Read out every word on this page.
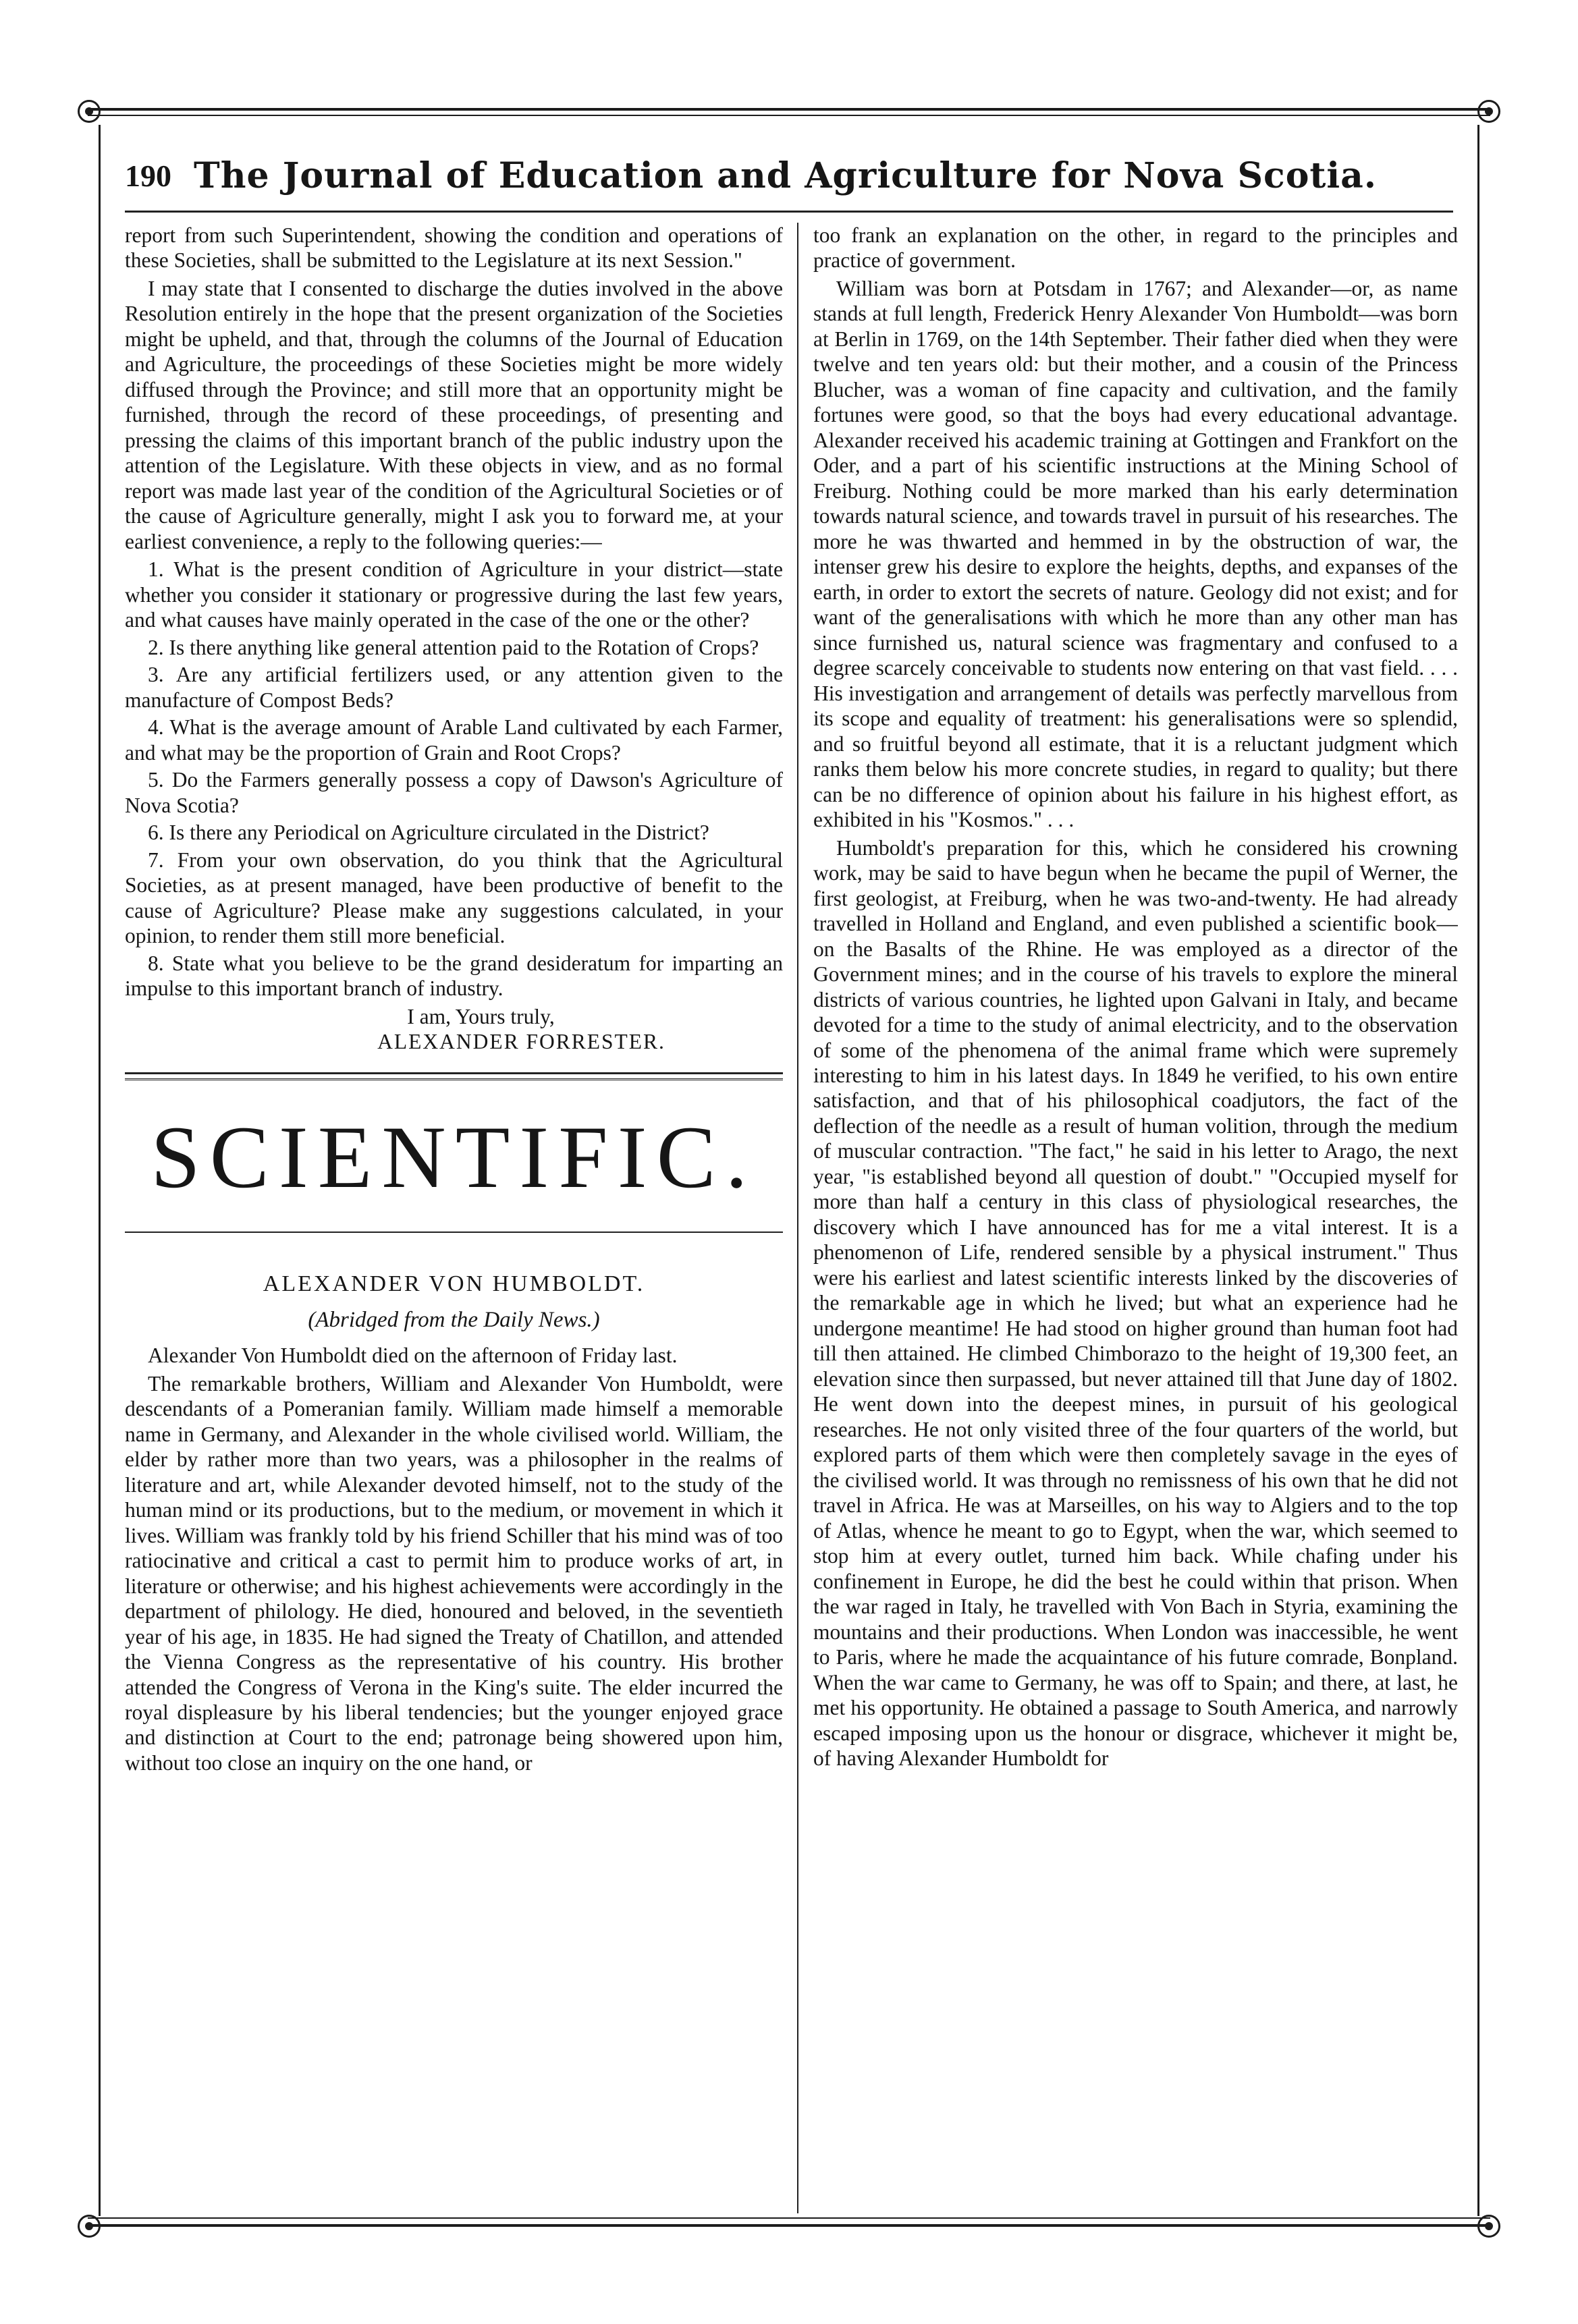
190 The Journal of Education and Agriculture for Nova Scotia.

report from such Superintendent, showing the condition and operations of these Societies, shall be submitted to the Legislature at its next Session."

I may state that I consented to discharge the duties involved in the above Resolution entirely in the hope that the present organization of the Societies might be upheld, and that, through the columns of the Journal of Education and Agriculture, the proceedings of these Societies might be more widely diffused through the Province; and still more that an opportunity might be furnished, through the record of these proceedings, of presenting and pressing the claims of this important branch of the public industry upon the attention of the Legislature. With these objects in view, and as no formal report was made last year of the condition of the Agricultural Societies or of the cause of Agriculture generally, might I ask you to forward me, at your earliest convenience, a reply to the following queries:—

1. What is the present condition of Agriculture in your district—state whether you consider it stationary or progressive during the last few years, and what causes have mainly operated in the case of the one or the other?

2. Is there anything like general attention paid to the Rotation of Crops?

3. Are any artificial fertilizers used, or any attention given to the manufacture of Compost Beds?

4. What is the average amount of Arable Land cultivated by each Farmer, and what may be the proportion of Grain and Root Crops?

5. Do the Farmers generally possess a copy of Dawson's Agriculture of Nova Scotia?

6. Is there any Periodical on Agriculture circulated in the District?

7. From your own observation, do you think that the Agricultural Societies, as at present managed, have been productive of benefit to the cause of Agriculture? Please make any suggestions calculated, in your opinion, to render them still more beneficial.

8. State what you believe to be the grand desideratum for imparting an impulse to this important branch of industry.

I am, Yours truly,
ALEXANDER FORRESTER.
SCIENTIFIC.
ALEXANDER VON HUMBOLDT.
(Abridged from the Daily News.)

Alexander Von Humboldt died on the afternoon of Friday last.

The remarkable brothers, William and Alexander Von Humboldt, were descendants of a Pomeranian family. William made himself a memorable name in Germany, and Alexander in the whole civilised world. William, the elder by rather more than two years, was a philosopher in the realms of literature and art, while Alexander devoted himself, not to the study of the human mind or its productions, but to the medium, or movement in which it lives. William was frankly told by his friend Schiller that his mind was of too ratiocinative and critical a cast to permit him to produce works of art, in literature or otherwise; and his highest achievements were accordingly in the department of philology. He died, honoured and beloved, in the seventieth year of his age, in 1835. He had signed the Treaty of Chatillon, and attended the Vienna Congress as the representative of his country. His brother attended the Congress of Verona in the King's suite. The elder incurred the royal displeasure by his liberal tendencies; but the younger enjoyed grace and distinction at Court to the end; patronage being showered upon him, without too close an inquiry on the one hand, or

too frank an explanation on the other, in regard to the principles and practice of government.

William was born at Potsdam in 1767; and Alexander—or, as name stands at full length, Frederick Henry Alexander Von Humboldt—was born at Berlin in 1769, on the 14th September. Their father died when they were twelve and ten years old: but their mother, and a cousin of the Princess Blucher, was a woman of fine capacity and cultivation, and the family fortunes were good, so that the boys had every educational advantage. Alexander received his academic training at Gottingen and Frankfort on the Oder, and a part of his scientific instructions at the Mining School of Freiburg. Nothing could be more marked than his early determination towards natural science, and towards travel in pursuit of his researches. The more he was thwarted and hemmed in by the obstruction of war, the intenser grew his desire to explore the heights, depths, and expanses of the earth, in order to extort the secrets of nature. Geology did not exist; and for want of the generalisations with which he more than any other man has since furnished us, natural science was fragmentary and confused to a degree scarcely conceivable to students now entering on that vast field. . . . His investigation and arrangement of details was perfectly marvellous from its scope and equality of treatment: his generalisations were so splendid, and so fruitful beyond all estimate, that it is a reluctant judgment which ranks them below his more concrete studies, in regard to quality; but there can be no difference of opinion about his failure in his highest effort, as exhibited in his "Kosmos." . . .

Humboldt's preparation for this, which he considered his crowning work, may be said to have begun when he became the pupil of Werner, the first geologist, at Freiburg, when he was two-and-twenty. He had already travelled in Holland and England, and even published a scientific book—on the Basalts of the Rhine. He was employed as a director of the Government mines; and in the course of his travels to explore the mineral districts of various countries, he lighted upon Galvani in Italy, and became devoted for a time to the study of animal electricity, and to the observation of some of the phenomena of the animal frame which were supremely interesting to him in his latest days. In 1849 he verified, to his own entire satisfaction, and that of his philosophical coadjutors, the fact of the deflection of the needle as a result of human volition, through the medium of muscular contraction. "The fact," he said in his letter to Arago, the next year, "is established beyond all question of doubt." "Occupied myself for more than half a century in this class of physiological researches, the discovery which I have announced has for me a vital interest. It is a phenomenon of Life, rendered sensible by a physical instrument." Thus were his earliest and latest scientific interests linked by the discoveries of the remarkable age in which he lived; but what an experience had he undergone meantime! He had stood on higher ground than human foot had till then attained. He climbed Chimborazo to the height of 19,300 feet, an elevation since then surpassed, but never attained till that June day of 1802. He went down into the deepest mines, in pursuit of his geological researches. He not only visited three of the four quarters of the world, but explored parts of them which were then completely savage in the eyes of the civilised world. It was through no remissness of his own that he did not travel in Africa. He was at Marseilles, on his way to Algiers and to the top of Atlas, whence he meant to go to Egypt, when the war, which seemed to stop him at every outlet, turned him back. While chafing under his confinement in Europe, he did the best he could within that prison. When the war raged in Italy, he travelled with Von Bach in Styria, examining the mountains and their productions. When London was inaccessible, he went to Paris, where he made the acquaintance of his future comrade, Bonpland. When the war came to Germany, he was off to Spain; and there, at last, he met his opportunity. He obtained a passage to South America, and narrowly escaped imposing upon us the honour or disgrace, whichever it might be, of having Alexander Humboldt for
